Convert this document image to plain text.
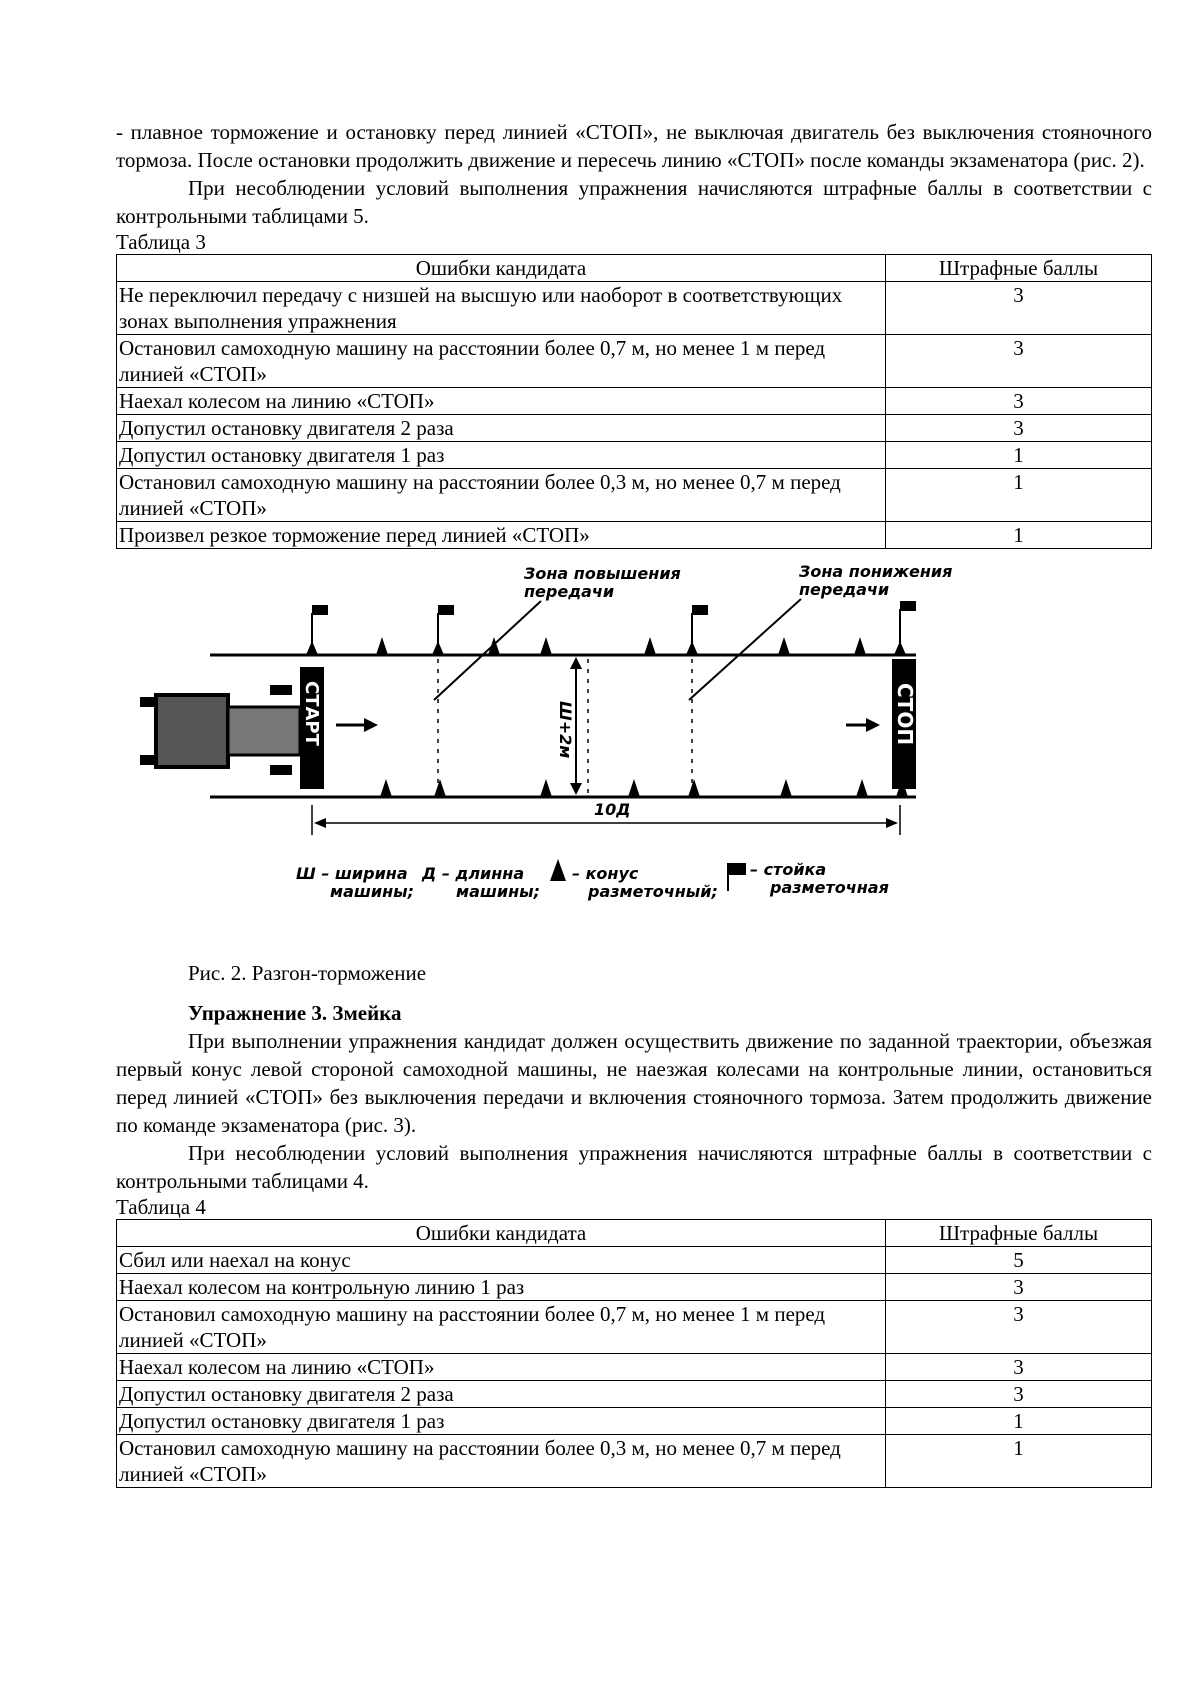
- плавное торможение и остановку перед линией «СТОП», не выключая двигатель без выключения стояночного тормоза. После остановки продолжить движение и пересечь линию «СТОП» после команды экзаменатора (рис. 2).

При несоблюдении условий выполнения упражнения начисляются штрафные баллы в соответствии с контрольными таблицами 5.

Таблица 3
Ошибки кандидата	Штрафные баллы
Не переключил передачу с низшей на высшую или наоборот в соответствующих зонах выполнения упражнения	3
Остановил самоходную машину на расстоянии более 0,7 м, но менее 1 м перед линией «СТОП»	3
Наехал колесом на линию «СТОП»	3
Допустил остановку двигателя 2 раза	3
Допустил остановку двигателя 1 раз	1
Остановил самоходную машину на расстоянии более 0,3 м, но менее 0,7 м перед линией «СТОП»	1
Произвел резкое торможение перед линией «СТОП»	1
Зона повышения
передачи
Зона понижения
передачи
СТАРТ	СТОП
Ш+2м
10Д
Ш – ширина
машины;
Д – длинна
машины;
– конус
разметочный;
– стойка
разметочная
Рис. 2. Разгон-торможение
Упражнение 3. Змейка

При выполнении упражнения кандидат должен осуществить движение по заданной траектории, объезжая первый конус левой стороной самоходной машины, не наезжая колесами на контрольные линии, остановиться перед линией «СТОП» без выключения передачи и включения стояночного тормоза. Затем продолжить движение по команде экзаменатора (рис. 3).

При несоблюдении условий выполнения упражнения начисляются штрафные баллы в соответствии с контрольными таблицами 4.

Таблица 4
Ошибки кандидата	Штрафные баллы
Сбил или наехал на конус	5
Наехал колесом на контрольную линию 1 раз	3
Остановил самоходную машину на расстоянии более 0,7 м, но менее 1 м перед линией «СТОП»	3
Наехал колесом на линию «СТОП»	3
Допустил остановку двигателя 2 раза	3
Допустил остановку двигателя 1 раз	1
Остановил самоходную машину на расстоянии более 0,3 м, но менее 0,7 м перед линией «СТОП»	1
